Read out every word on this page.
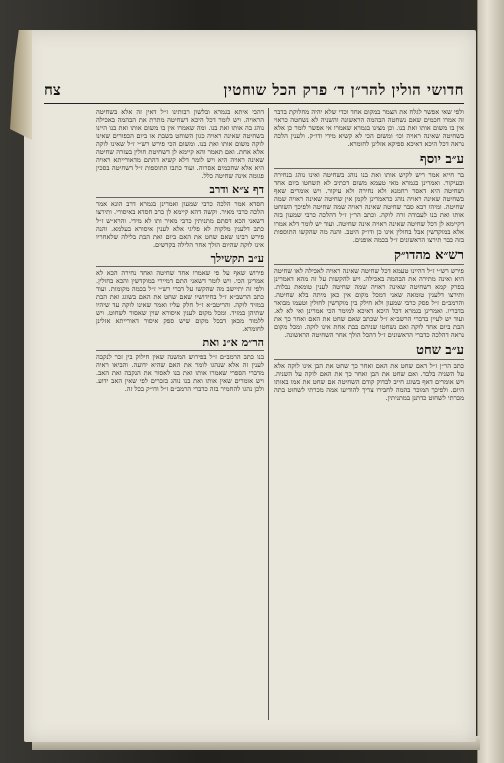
חדושי הולין להר״ן ד׳ פרק הכל שוחטין
צח

ולפי שאי אפשר לגלח את הצמר במקום אחד וכדי שלא יהיה מחלוקת בדבר זה אמרו חכמים שאם נשחטה הבהמה הראשונה והשניה לא נשחטה כראוי אין בו משום אותו ואת בנו. וכן מצינו בגמרא שאמרו אי אפשר לומר כן אלא בשחיטה שאינה ראויה וכו׳ ומשום הכי לא קשיא מידי ודו״ק. ולענין הלכה נראה דכל היכא דאיכא ספיקא אזלינן לחומרא.

ע״ב יוסף

בר חייא אמר ריש לקיש אותו ואת בנו נוהג בשחיטה ואינו נוהג בנחירה ובעיקור. ואמרינן בגמרא מאי טעמא משום דכתיב לא תשחטו ביום אחד ושחיטה היא דאסר רחמנא ולא נחירה ולא עיקור. ויש אומרים שאף בשחיטה שאינה ראויה נוהג כדאמרינן לקמן אין שחיטה שאינה ראויה שמה שחיטה. ומיהו רבא סבר שחיטה שאינה ראויה שמה שחיטה ולפיכך השוחט אותו ואת בנו לעבודה זרה לוקה. וכתב הר״ן ז״ל דהלכה כרבי שמעון בזה דקיימא לן דכל שחיטה שאינה ראויה אינה שחיטה. ועוד יש לומר דלא אמרו אלא במוקדשין אבל בחולין אינו כן ודו״ק היטב. והנה מה שהקשו התוספות בזה כבר תירצו הראשונים ז״ל בכמה אופנים.

רש״א מהדו״ק

פירש רש״י ז״ל דהיינו טעמא דכל שחיטה שאינה ראויה לאכילה לאו שחיטה היא ואינה מתירה את הבהמה באכילה. ויש להקשות על זה מהא דאמרינן בפרק קמא דשחיטה שאינה ראויה שמה שחיטה לענין טומאת נבלות. ותירצו דלענין טומאה שאני דמכל מקום אין כאן מיתה בלא שחיטה. והרמב״ם ז״ל פסק כרבי שמעון ולא חילק בין מוקדשין לחולין וטעמו מבואר בדבריו. ואמרינן בגמרא דכל היכא דאיכא למימר הכי אמרינן ואי לא לא. ועוד יש לעיין בדברי הרשב״א ז״ל שכתב שאם שחט את האם ואחר כך את הבת ביום אחד לוקה ואם נשחטו שניהם בבת אחת אינו לוקה. ומכל מקום נראה דהלכה כדברי הראשונים ז״ל דהכל הולך אחר השחיטה הראשונה.

ע״ב שחט

כתב הר״ן ז״ל דאם שחט את האם ואחר כך שחט את הבן אינו לוקה אלא על השניה בלבד. ואם שחט את הבן ואחר כך את האם לוקה על השניה. ויש אומרים דאף בשוגג חייב לבדוק קודם השחיטה אם שחט את אמו באותו היום. ולפיכך המוכר בהמה לחבירו צריך להודיעו אמה מכרתי לשחוט בתה מכרתי לשחוט כדתנן במתניתין.

דהכי איתא בגמרא ובלשון רבותינו ז״ל דאין זה אלא בשחיטה הראויה. ויש לומר דכל היכא דשחיטה מתרת את הבהמה באכילה נוהג בה אותו ואת בנו. ומה שאמרו אין בו משום אותו ואת בנו היינו בשחיטה שאינה ראויה כגון השוחט בשבת או ביום הכפורים שאינו לוקה משום אותו ואת בנו. ומשום הכי פירש רש״י ז״ל שאינו לוקה אלא אחת. ואם תאמר והא קיימא לן דשחיטת חולין בעזרה שחיטה שאינה ראויה היא ויש לומר דלא קשיא דהתם מדאורייתא ראויה היא אלא שחכמים אסרוה. ועוד כתבו התוספות ז״ל דשחיטה בסכין פגומה אינה שחיטה כלל.

דף צ״א ודרב

חסדא אמר הלכה כרבי שמעון ואמרינן בגמרא דרב הונא אמר הלכה כרבי מאיר. וקשה דהא קיימא לן כרב חסדא באיסורי. ותירצו דשאני הכא דסתם מתניתין כרבי מאיר ותו לא מידי. והרא״ש ז״ל כתב דלענין מלקות לא פליגי אלא לענין איסורא בעלמא. והנה פירש רבינו שאם שחט את האם ביום ואת הבת בלילה שלאחריו אינו לוקה שהיום הולך אחר הלילה בקדשים.

ע״ב תקשילך

פירוש שאף על פי שאמרו אחד שחיטה ואחד נחירה הכא לא אמרינן הכי. ויש לומר דשאני התם דמיירי במוקדשין והכא בחולין. ולפי זה יתיישב מה שהקשו על דברי רש״י ז״ל בכמה מקומות. ועוד כתב הרשב״א ז״ל בחידושיו שאם שחט את האם בשוגג ואת הבת במזיד לוקה. והריטב״א ז״ל חלק עליו ואמר שאינו לוקה עד שיהיו שתיהן במזיד. ומכל מקום לענין איסורא שוין שאסור לשחוט. ויש ללמוד מכאן דבכל מקום שיש ספק איסור דאורייתא אזלינן לחומרא.

הר״מ א״נ ואת

בנו כתב הרמב״ם ז״ל בפירוש המשנה שאין חילוק בין זכר לנקבה לענין זה אלא שנהגו לומר את האם שהיא ידועה. והביאו ראיה מדברי הספרי שאמרו אותו ואת בנו לאסור את הנקבה ואת האב. ויש אומרים שאין אותו ואת בנו נוהג בזכרים לפי שאין האב ידוע. ולכן נהגו להחמיר בזה כדברי הרמב״ם ז״ל ודו״ק בכל זה.
